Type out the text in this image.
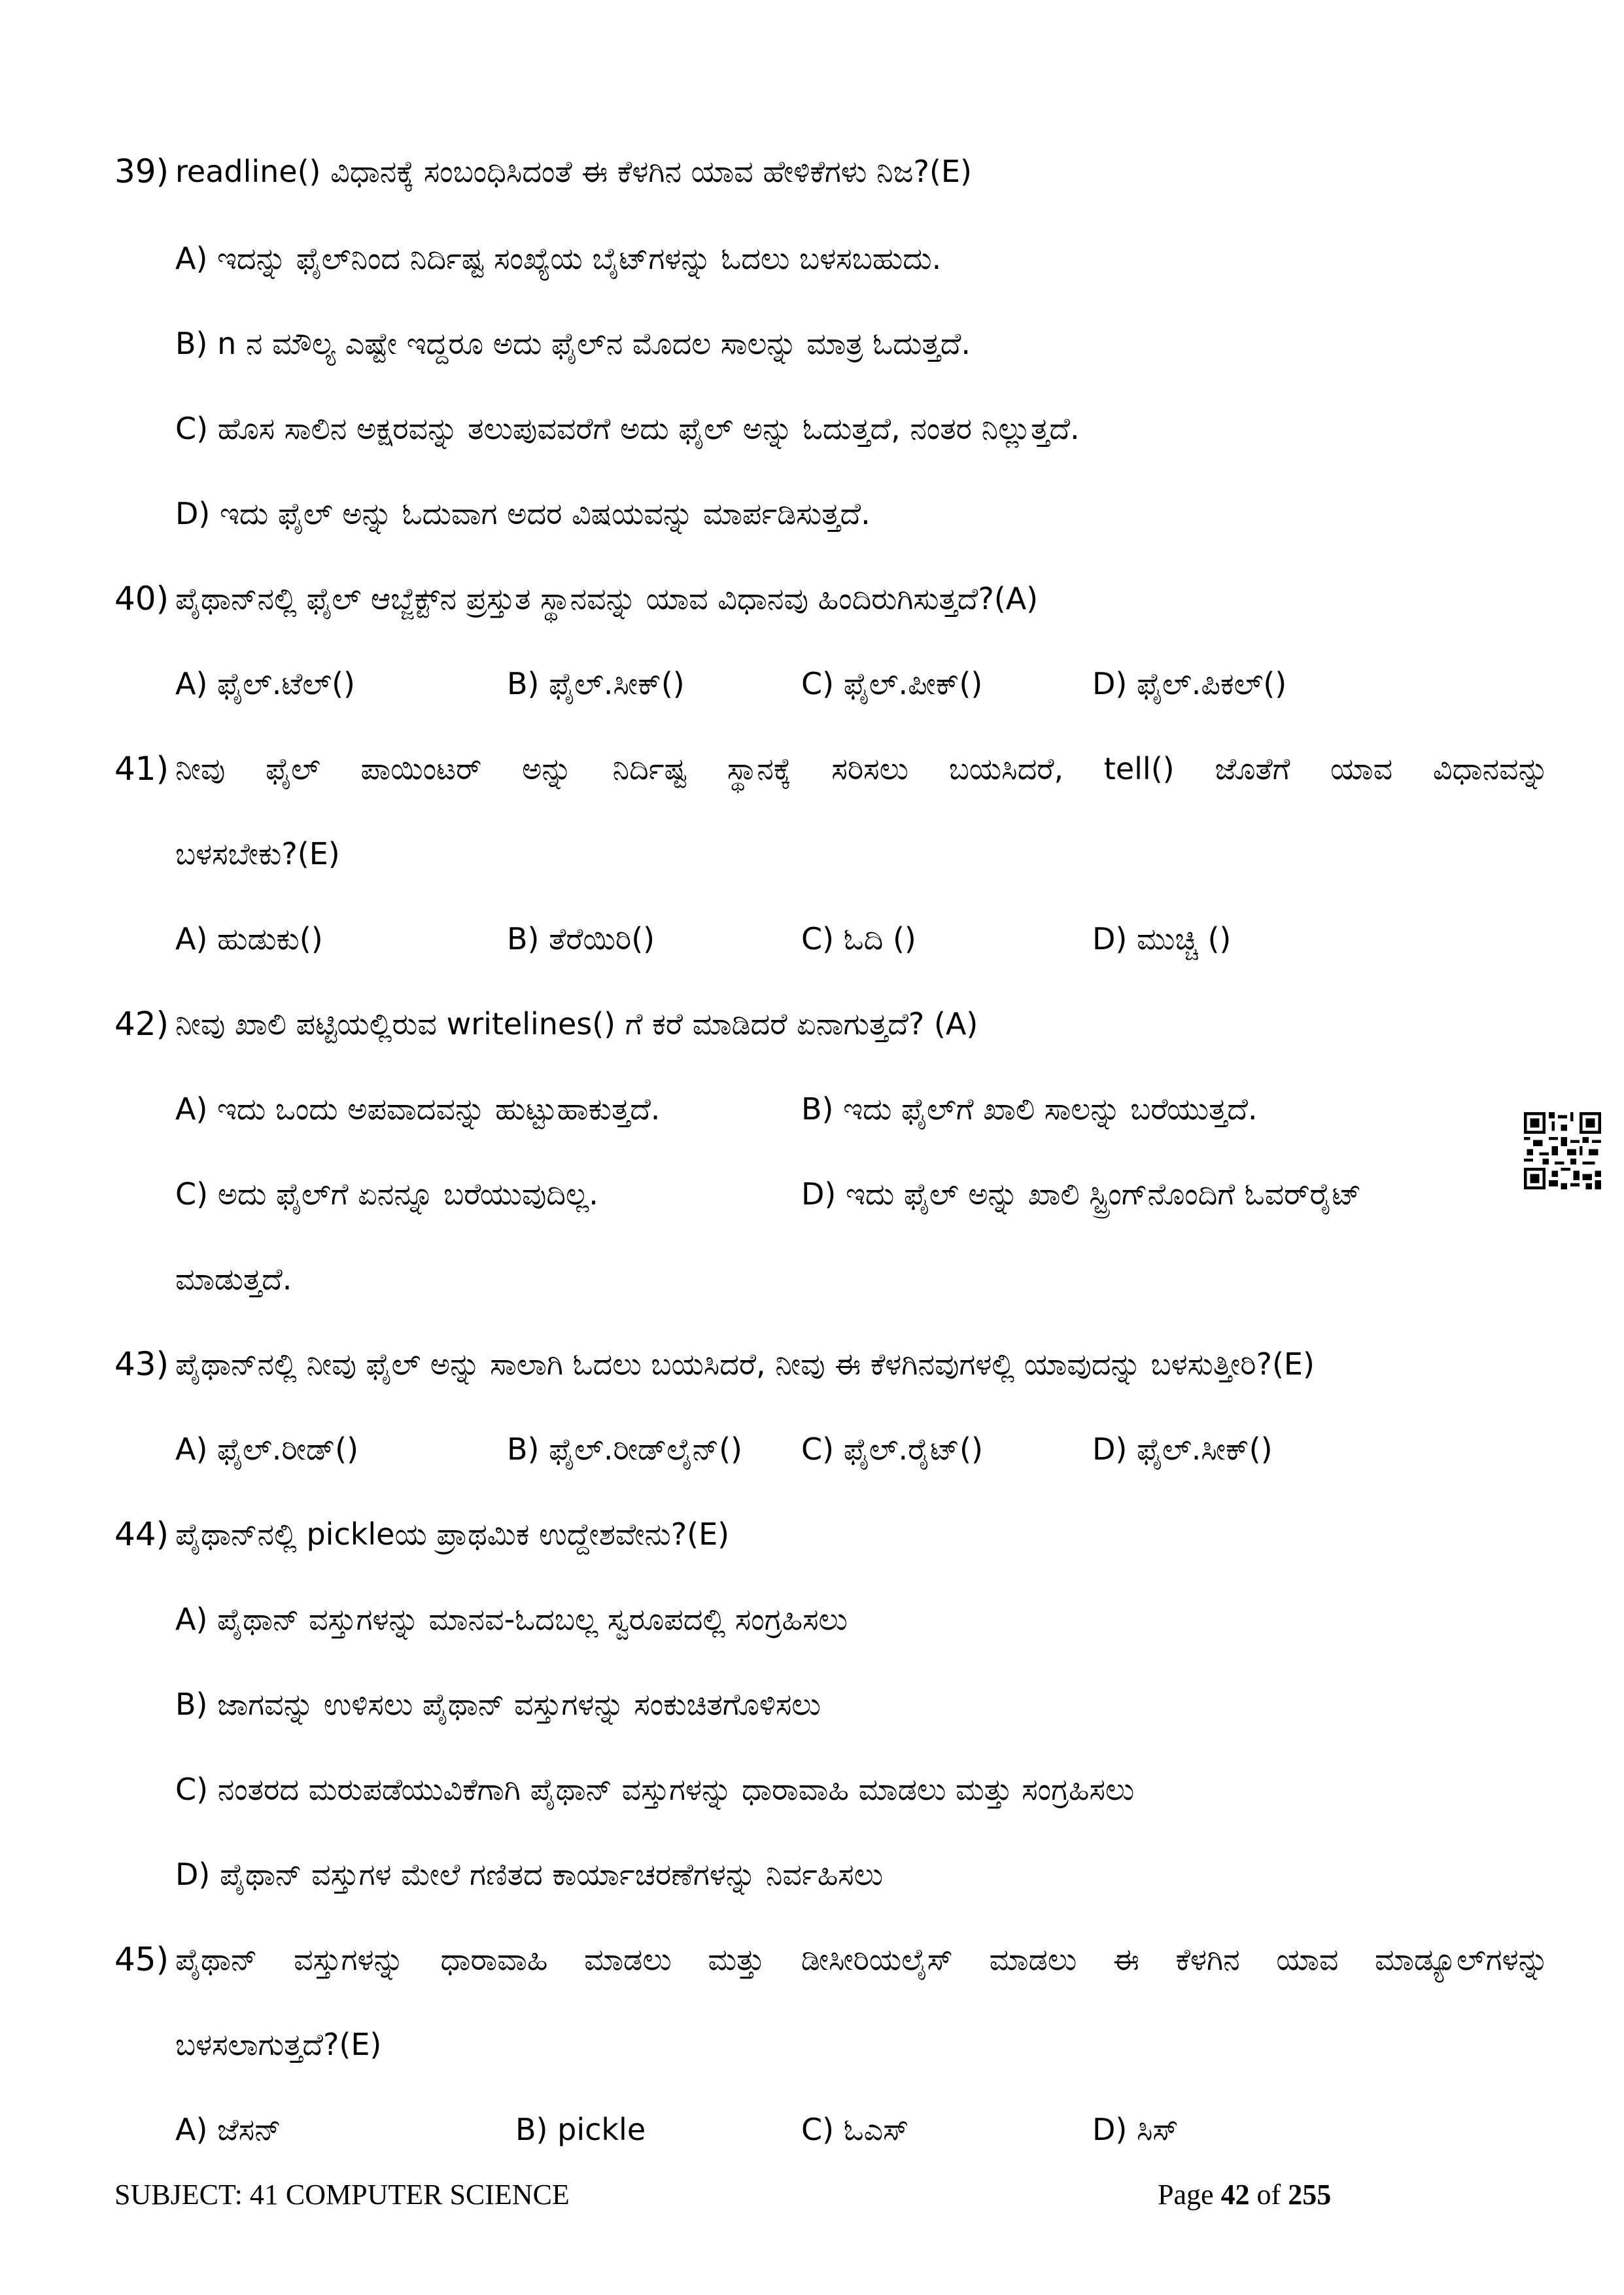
39) readline() ವಿಧಾನಕ್ಕೆ ಸಂಬಂಧಿಸಿದಂತೆ ಈ ಕೆಳಗಿನ ಯಾವ ಹೇಳಿಕೆಗಳು ನಿಜ?(E)
A) ಇದನ್ನು ಫೈಲ್‌ನಿಂದ ನಿರ್ದಿಷ್ಟ ಸಂಖ್ಯೆಯ ಬೈಟ್‌ಗಳನ್ನು ಓದಲು ಬಳಸಬಹುದು.
B) n ನ ಮೌಲ್ಯ ಎಷ್ಟೇ ಇದ್ದರೂ ಅದು ಫೈಲ್‌ನ ಮೊದಲ ಸಾಲನ್ನು ಮಾತ್ರ ಓದುತ್ತದೆ.
C) ಹೊಸ ಸಾಲಿನ ಅಕ್ಷರವನ್ನು ತಲುಪುವವರೆಗೆ ಅದು ಫೈಲ್ ಅನ್ನು ಓದುತ್ತದೆ, ನಂತರ ನಿಲ್ಲುತ್ತದೆ.
D) ಇದು ಫೈಲ್ ಅನ್ನು ಓದುವಾಗ ಅದರ ವಿಷಯವನ್ನು ಮಾರ್ಪಡಿಸುತ್ತದೆ.
40) ಪೈಥಾನ್‌ನಲ್ಲಿ ಫೈಲ್ ಆಬ್ಜೆಕ್ಟ್‌ನ ಪ್ರಸ್ತುತ ಸ್ಥಾನವನ್ನು ಯಾವ ವಿಧಾನವು ಹಿಂದಿರುಗಿಸುತ್ತದೆ?(A)
A) ಫೈಲ್.ಟೆಲ್()	B) ಫೈಲ್.ಸೀಕ್()	C) ಫೈಲ್.ಪೀಕ್()	D) ಫೈಲ್.ಪಿಕಲ್()
41) ನೀವು ಫೈಲ್ ಪಾಯಿಂಟರ್ ಅನ್ನು ನಿರ್ದಿಷ್ಟ ಸ್ಥಾನಕ್ಕೆ ಸರಿಸಲು ಬಯಸಿದರೆ, tell() ಜೊತೆಗೆ ಯಾವ ವಿಧಾನವನ್ನು
ಬಳಸಬೇಕು?(E)
A) ಹುಡುಕು()	B) ತೆರೆಯಿರಿ()	C) ಓದಿ ()	D) ಮುಚ್ಚಿ ()
42) ನೀವು ಖಾಲಿ ಪಟ್ಟಿಯಲ್ಲಿರುವ writelines() ಗೆ ಕರೆ ಮಾಡಿದರೆ ಏನಾಗುತ್ತದೆ? (A)
A) ಇದು ಒಂದು ಅಪವಾದವನ್ನು ಹುಟ್ಟುಹಾಕುತ್ತದೆ.	B) ಇದು ಫೈಲ್‌ಗೆ ಖಾಲಿ ಸಾಲನ್ನು ಬರೆಯುತ್ತದೆ.
C) ಅದು ಫೈಲ್‌ಗೆ ಏನನ್ನೂ ಬರೆಯುವುದಿಲ್ಲ.	D) ಇದು ಫೈಲ್ ಅನ್ನು ಖಾಲಿ ಸ್ಟ್ರಿಂಗ್‌ನೊಂದಿಗೆ ಓವರ್‌ರೈಟ್
ಮಾಡುತ್ತದೆ.
43) ಪೈಥಾನ್‌ನಲ್ಲಿ ನೀವು ಫೈಲ್ ಅನ್ನು ಸಾಲಾಗಿ ಓದಲು ಬಯಸಿದರೆ, ನೀವು ಈ ಕೆಳಗಿನವುಗಳಲ್ಲಿ ಯಾವುದನ್ನು ಬಳಸುತ್ತೀರಿ?(E)
A) ಫೈಲ್.ರೀಡ್()	B) ಫೈಲ್.ರೀಡ್‌ಲೈನ್() C) ಫೈಲ್.ರೈಟ್()	D) ಫೈಲ್.ಸೀಕ್()
44) ಪೈಥಾನ್‌ನಲ್ಲಿ pickleಯ ಪ್ರಾಥಮಿಕ ಉದ್ದೇಶವೇನು?(E)
A) ಪೈಥಾನ್ ವಸ್ತುಗಳನ್ನು ಮಾನವ-ಓದಬಲ್ಲ ಸ್ವರೂಪದಲ್ಲಿ ಸಂಗ್ರಹಿಸಲು
B) ಜಾಗವನ್ನು ಉಳಿಸಲು ಪೈಥಾನ್ ವಸ್ತುಗಳನ್ನು ಸಂಕುಚಿತಗೊಳಿಸಲು
C) ನಂತರದ ಮರುಪಡೆಯುವಿಕೆಗಾಗಿ ಪೈಥಾನ್ ವಸ್ತುಗಳನ್ನು ಧಾರಾವಾಹಿ ಮಾಡಲು ಮತ್ತು ಸಂಗ್ರಹಿಸಲು
D) ಪೈಥಾನ್ ವಸ್ತುಗಳ ಮೇಲೆ ಗಣಿತದ ಕಾರ್ಯಾಚರಣೆಗಳನ್ನು ನಿರ್ವಹಿಸಲು
45) ಪೈಥಾನ್ ವಸ್ತುಗಳನ್ನು ಧಾರಾವಾಹಿ ಮಾಡಲು ಮತ್ತು ಡೀಸೀರಿಯಲೈಸ್ ಮಾಡಲು ಈ ಕೆಳಗಿನ ಯಾವ ಮಾಡ್ಯೂಲ್‌ಗಳನ್ನು
ಬಳಸಲಾಗುತ್ತದೆ?(E)
A) ಜೆಸನ್	B) pickle	C) ಓಎಸ್	D) ಸಿಸ್
SUBJECT: 41 COMPUTER SCIENCE	Page 42 of 255
